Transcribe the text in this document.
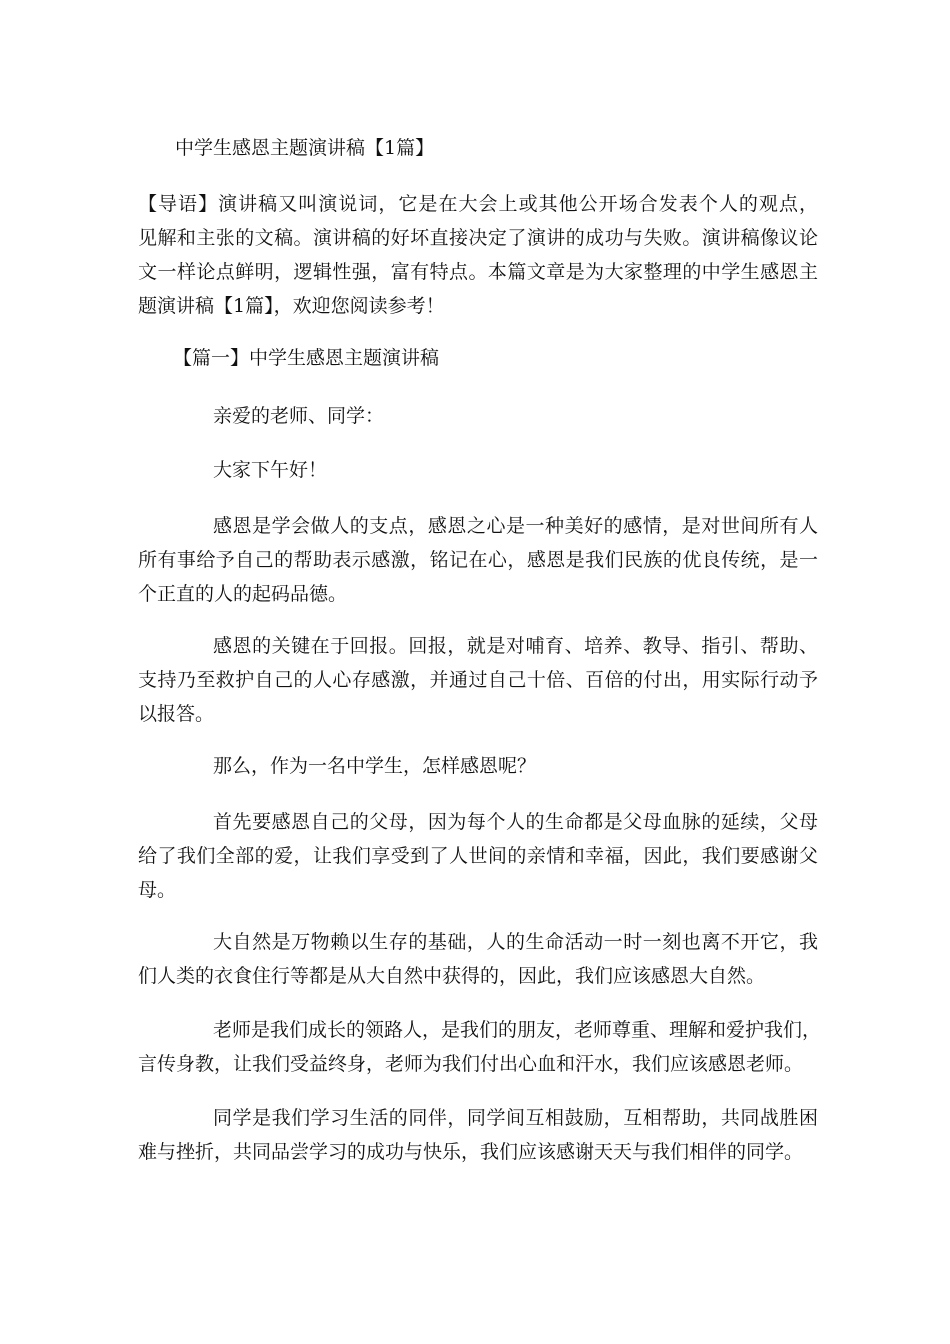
中学生感恩主题演讲稿【1篇】
【导语】演讲稿又叫演说词，它是在大会上或其他公开场合发表个人的观点，
见解和主张的文稿。演讲稿的好坏直接决定了演讲的成功与失败。演讲稿像议论
文一样论点鲜明，逻辑性强，富有特点。本篇文章是为大家整理的中学生感恩主
题演讲稿【1篇】，欢迎您阅读参考！
【篇一】中学生感恩主题演讲稿
亲爱的老师、同学：
大家下午好！
感恩是学会做人的支点，感恩之心是一种美好的感情，是对世间所有人
所有事给予自己的帮助表示感激，铭记在心，感恩是我们民族的优良传统，是一
个正直的人的起码品德。
感恩的关键在于回报。回报，就是对哺育、培养、教导、指引、帮助、
支持乃至救护自己的人心存感激，并通过自己十倍、百倍的付出，用实际行动予
以报答。
那么，作为一名中学生，怎样感恩呢？
首先要感恩自己的父母，因为每个人的生命都是父母血脉的延续，父母
给了我们全部的爱，让我们享受到了人世间的亲情和幸福，因此，我们要感谢父
母。
大自然是万物赖以生存的基础，人的生命活动一时一刻也离不开它，我
们人类的衣食住行等都是从大自然中获得的，因此，我们应该感恩大自然。
老师是我们成长的领路人，是我们的朋友，老师尊重、理解和爱护我们，
言传身教，让我们受益终身，老师为我们付出心血和汗水，我们应该感恩老师。
同学是我们学习生活的同伴，同学间互相鼓励，互相帮助，共同战胜困
难与挫折，共同品尝学习的成功与快乐，我们应该感谢天天与我们相伴的同学。
